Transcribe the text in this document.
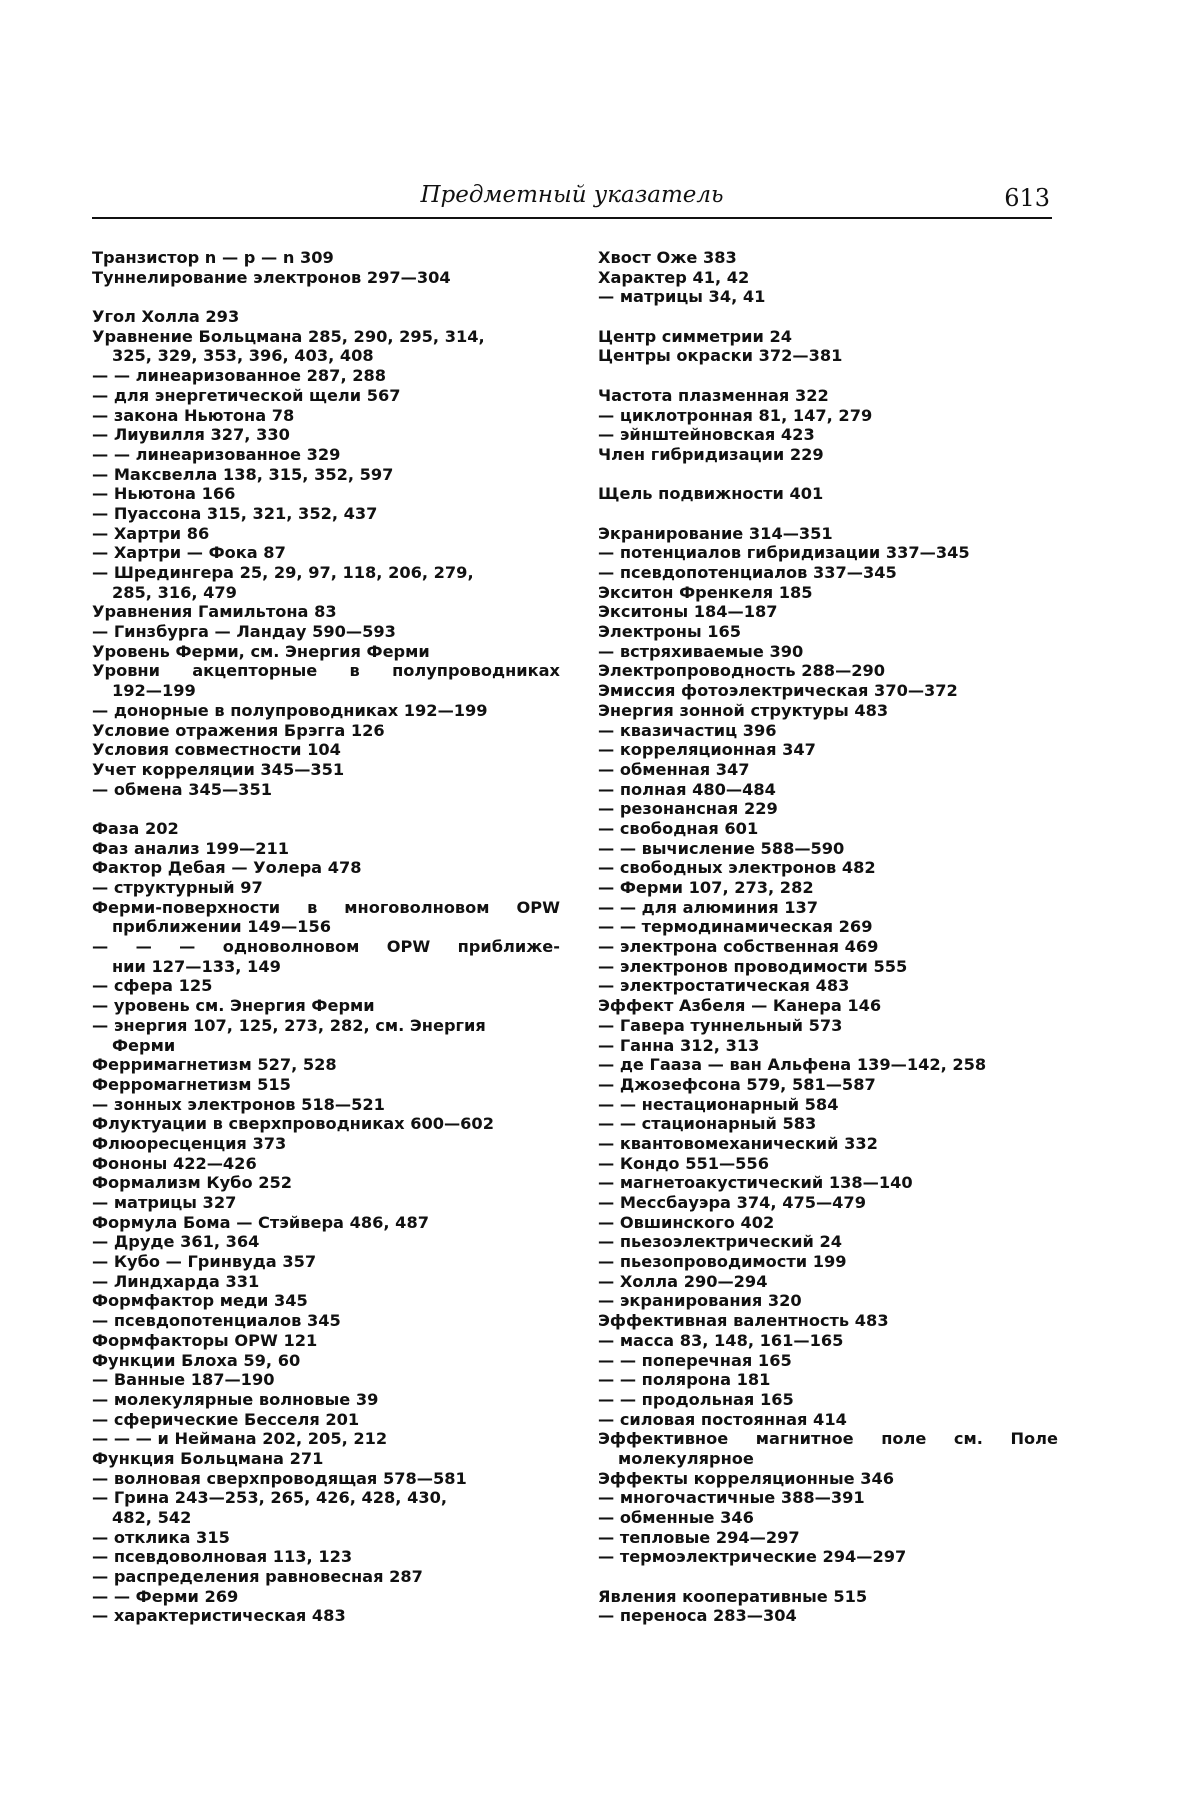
Предметный указатель	613
Транзистор n — p — n 309
Туннелирование электронов 297—304
Угол Холла 293
Уравнение Больцмана 285, 290, 295, 314,
325, 329, 353, 396, 403, 408
— — линеаризованное 287, 288
— для энергетической щели 567
— закона Ньютона 78
— Лиувилля 327, 330
— — линеаризованное 329
— Максвелла 138, 315, 352, 597
— Ньютона 166
— Пуассона 315, 321, 352, 437
— Хартри 86
— Хартри — Фока 87
— Шредингера 25, 29, 97, 118, 206, 279,
285, 316, 479
Уравнения Гамильтона 83
— Гинзбурга — Ландау 590—593
Уровень Ферми, см. Энергия Ферми
Уровни акцепторные в полупроводниках
192—199
— донорные в полупроводниках 192—199
Условие отражения Брэгга 126
Условия совместности 104
Учет корреляции 345—351
— обмена 345—351
Фаза 202
Фаз анализ 199—211
Фактор Дебая — Уолера 478
— структурный 97
Ферми-поверхности в многоволновом OPW
приближении 149—156
— — — одноволновом OPW приближе-
нии 127—133, 149
— сфера 125
— уровень см. Энергия Ферми
— энергия 107, 125, 273, 282, см. Энергия
Ферми
Ферримагнетизм 527, 528
Ферромагнетизм 515
— зонных электронов 518—521
Флуктуации в сверхпроводниках 600—602
Флюоресценция 373
Фононы 422—426
Формализм Кубо 252
— матрицы 327
Формула Бома — Стэйвера 486, 487
— Друде 361, 364
— Кубо — Гринвуда 357
— Линдхарда 331
Формфактор меди 345
— псевдопотенциалов 345
Формфакторы OPW 121
Функции Блоха 59, 60
— Ванные 187—190
— молекулярные волновые 39
— сферические Бесселя 201
— — — и Неймана 202, 205, 212
Функция Больцмана 271
— волновая сверхпроводящая 578—581
— Грина 243—253, 265, 426, 428, 430,
482, 542
— отклика 315
— псевдоволновая 113, 123
— распределения равновесная 287
— — Ферми 269
— характеристическая 483
Хвост Оже 383
Характер 41, 42
— матрицы 34, 41
Центр симметрии 24
Центры окраски 372—381
Частота плазменная 322
— циклотронная 81, 147, 279
— эйнштейновская 423
Член гибридизации 229
Щель подвижности 401
Экранирование 314—351
— потенциалов гибридизации 337—345
— псевдопотенциалов 337—345
Экситон Френкеля 185
Экситоны 184—187
Электроны 165
— встряхиваемые 390
Электропроводность 288—290
Эмиссия фотоэлектрическая 370—372
Энергия зонной структуры 483
— квазичастиц 396
— корреляционная 347
— обменная 347
— полная 480—484
— резонансная 229
— свободная 601
— — вычисление 588—590
— свободных электронов 482
— Ферми 107, 273, 282
— — для алюминия 137
— — термодинамическая 269
— электрона собственная 469
— электронов проводимости 555
— электростатическая 483
Эффект Азбеля — Канера 146
— Гавера туннельный 573
— Ганна 312, 313
— де Гааза — ван Альфена 139—142, 258
— Джозефсона 579, 581—587
— — нестационарный 584
— — стационарный 583
— квантовомеханический 332
— Кондо 551—556
— магнетоакустический 138—140
— Мессбауэра 374, 475—479
— Овшинского 402
— пьезоэлектрический 24
— пьезопроводимости 199
— Холла 290—294
— экранирования 320
Эффективная валентность 483
— масса 83, 148, 161—165
— — поперечная 165
— — полярона 181
— — продольная 165
— силовая постоянная 414
Эффективное магнитное поле см. Поле
молекулярное
Эффекты корреляционные 346
— многочастичные 388—391
— обменные 346
— тепловые 294—297
— термоэлектрические 294—297
Явления кооперативные 515
— переноса 283—304
